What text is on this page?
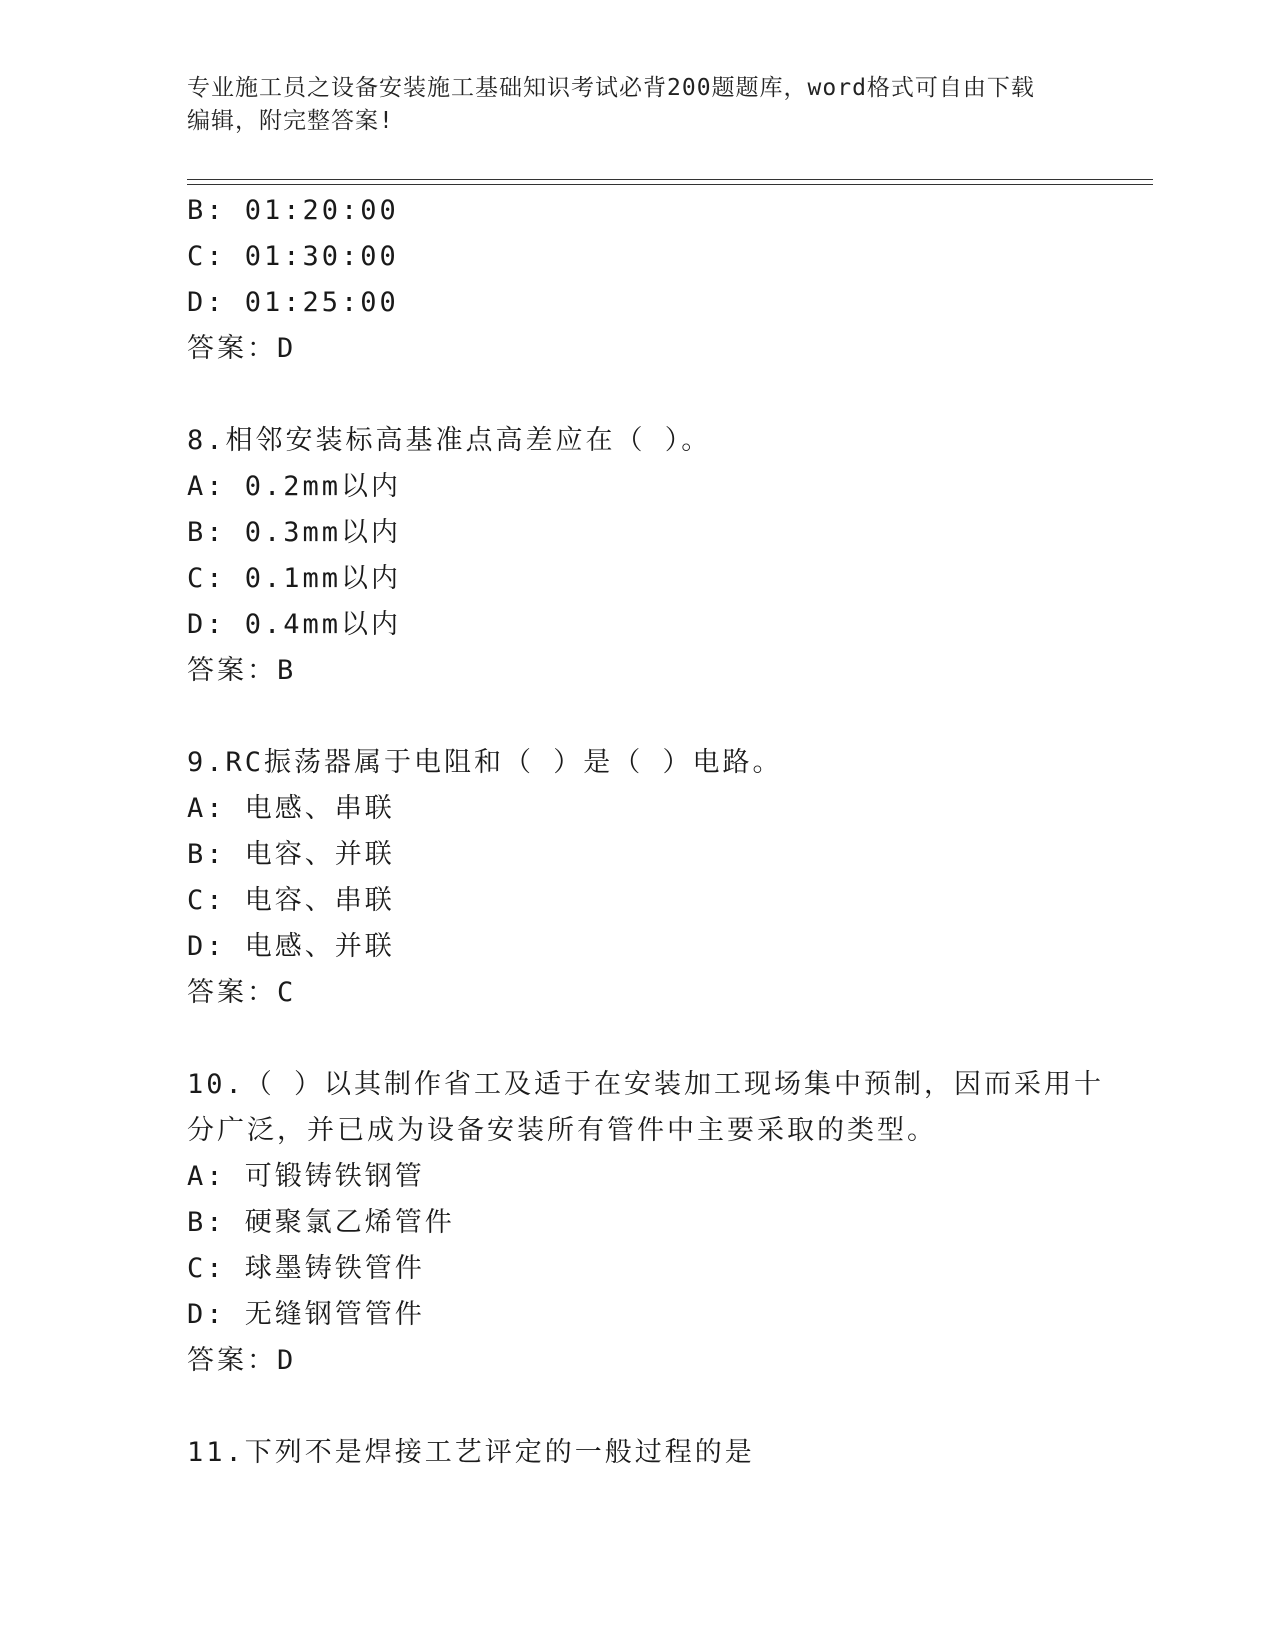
专业施工员之设备安装施工基础知识考试必背200题题库，word格式可自由下载
编辑，附完整答案!
B: 01:20:00
C: 01:30:00
D: 01:25:00
答案：D
8.相邻安装标高基准点高差应在（ ）。
A: 0.2mm以内
B: 0.3mm以内
C: 0.1mm以内
D: 0.4mm以内
答案：B
9.RC振荡器属于电阻和（ ）是（ ）电路。
A: 电感、串联
B: 电容、并联
C: 电容、串联
D: 电感、并联
答案：C
10.（ ）以其制作省工及适于在安装加工现场集中预制，因而采用十
分广泛，并已成为设备安装所有管件中主要采取的类型。
A: 可锻铸铁钢管
B: 硬聚氯乙烯管件
C: 球墨铸铁管件
D: 无缝钢管管件
答案：D
11.下列不是焊接工艺评定的一般过程的是
